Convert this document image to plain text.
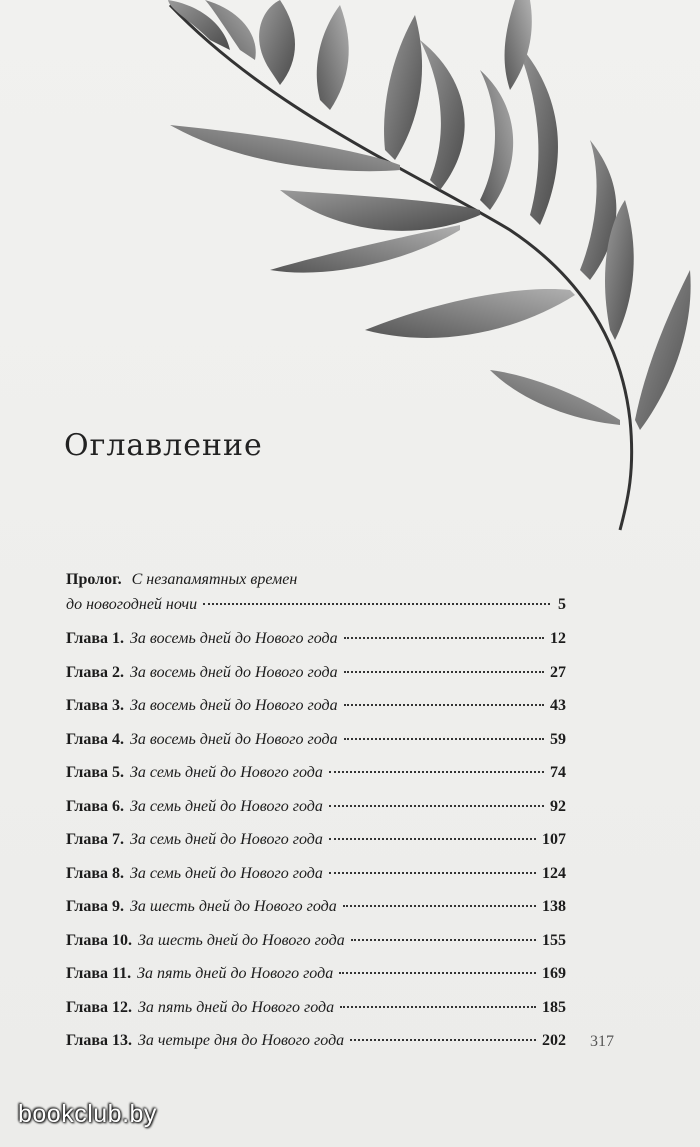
Оглавление
Пролог. С незапамятных времен
до новогодней ночи	5
Глава 1. За восемь дней до Нового года	12
Глава 2. За восемь дней до Нового года	27
Глава 3. За восемь дней до Нового года	43
Глава 4. За восемь дней до Нового года	59
Глава 5. За семь дней до Нового года	74
Глава 6. За семь дней до Нового года	92
Глава 7. За семь дней до Нового года	107
Глава 8. За семь дней до Нового года	124
Глава 9. За шесть дней до Нового года	138
Глава 10. За шесть дней до Нового года	155
Глава 11. За пять дней до Нового года	169
Глава 12. За пять дней до Нового года	185
Глава 13. За четыре дня до Нового года	202 317
bookclub.by
